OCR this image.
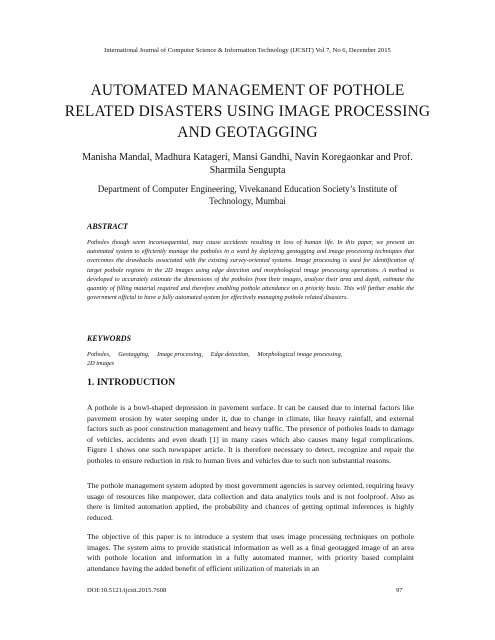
International Journal of Computer Science & Information Technology (IJCSIT) Vol 7, No 6, December 2015
AUTOMATED MANAGEMENT OF POTHOLE
RELATED DISASTERS USING IMAGE PROCESSING
AND GEOTAGGING
Manisha Mandal, Madhura Katageri, Mansi Gandhi, Navin Koregaonkar and Prof.
Sharmila Sengupta
Department of Computer Engineering, Vivekanand Education Society’s Institute of
Technology, Mumbai
ABSTRACT
Potholes though seem inconsequential, may cause accidents resulting in loss of human life. In this paper, we present an automated system to efficiently manage the potholes in a ward by deploying geotagging and image processing techniques that overcomes the drawbacks associated with the existing survey-oriented systems. Image processing is used for identification of target pothole regions in the 2D images using edge detection and morphological image processing operations. A method is developed to accurately estimate the dimensions of the potholes from their images, analyze their area and depth, estimate the quantity of filling material required and therefore enabling pothole attendance on a priority basis. This will further enable the government official to have a fully automated system for effectively managing pothole related disasters.
KEYWORDS
Potholes, Geotagging, Image processing, Edge detection, Morphological image processing,
2D images
1. INTRODUCTION
A pothole is a bowl-shaped depression in pavement surface. It can be caused due to internal factors like pavement erosion by water seeping under it, due to change in climate, like heavy rainfall, and external factors such as poor construction management and heavy traffic. The presence of potholes leads to damage of vehicles, accidents and even death [1] in many cases which also causes many legal complications. Figure 1 shows one such newspaper article. It is therefore necessary to detect, recognize and repair the potholes to ensure reduction in risk to human lives and vehicles due to such non substantial reasons.
The pothole management system adopted by most government agencies is survey oriented, requiring heavy usage of resources like manpower, data collection and data analytics tools and is not foolproof. Also as there is limited automation applied, the probability and chances of getting optimal inferences is highly reduced.
The objective of this paper is to introduce a system that uses image processing techniques on pothole images. The system aims to provide statistical information as well as a final geotagged image of an area with pothole location and information in a fully automated manner, with priority based complaint attendance having the added benefit of efficient utilization of materials in an
DOI:10.5121/ijcsit.2015.7608	97
